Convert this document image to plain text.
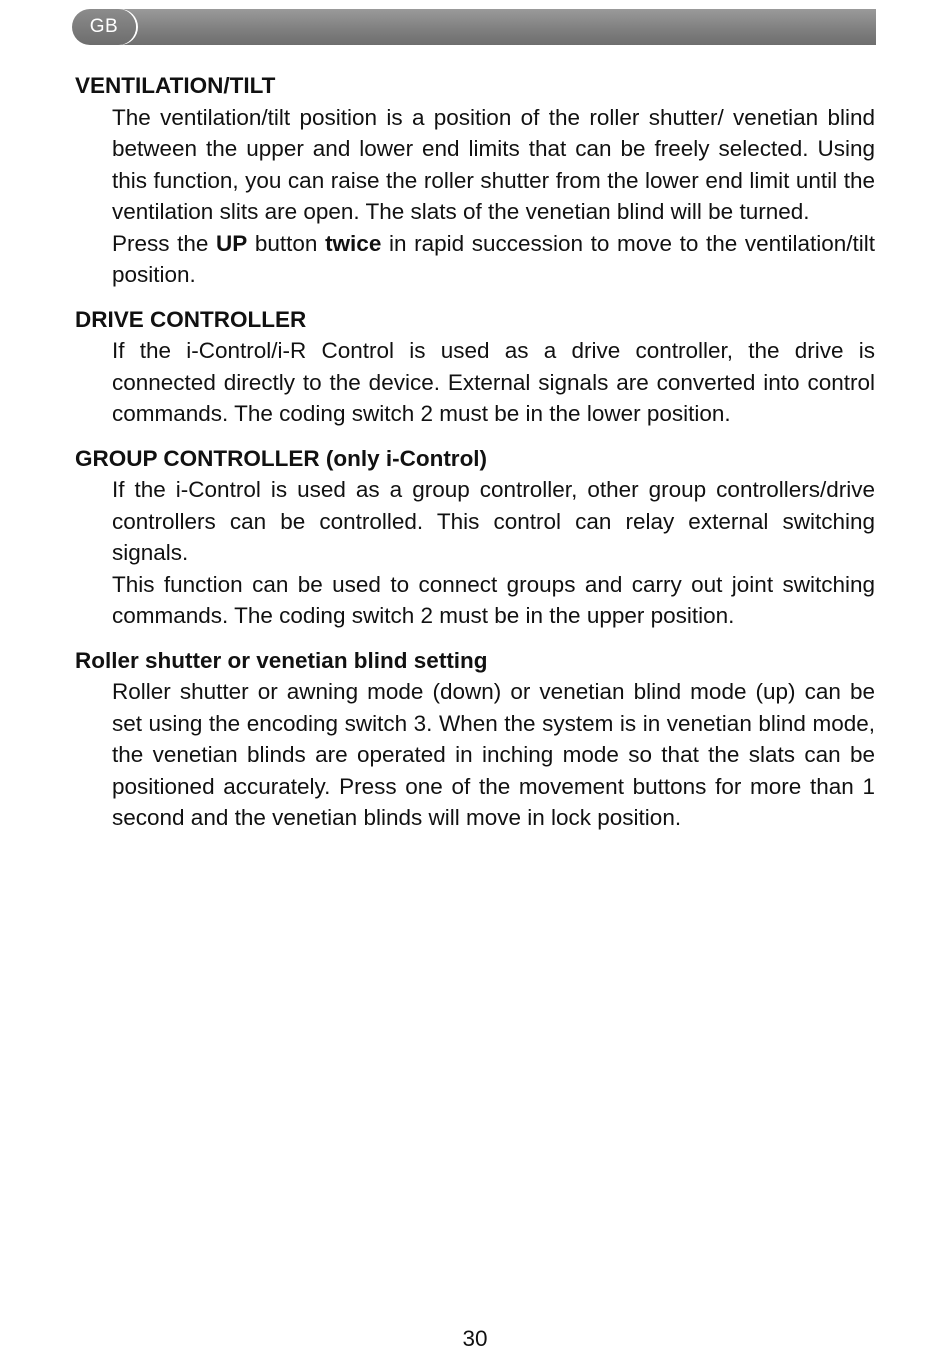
GB

VENTILATION/TILT

The ventilation/tilt position is a position of the roller shutter/ venetian blind between the upper and lower end limits that can be freely selected. Using this function, you can raise the roller shutter from the lower end limit until the ventilation slits are open. The slats of the venetian blind will be turned.

Press the UP button twice in rapid succession to move to the ventilation/tilt position.

DRIVE CONTROLLER

If the i-Control/i-R Control is used as a drive controller, the drive is connected directly to the device. External signals are converted into control commands. The coding switch 2 must be in the lower position.

GROUP CONTROLLER (only i-Control)

If the i-Control is used as a group controller, other group controllers/drive controllers can be controlled. This control can relay external switching signals.

This function can be used to connect groups and carry out joint switching commands. The coding switch 2 must be in the upper position.

Roller shutter or venetian blind setting

Roller shutter or awning mode (down) or venetian blind mode (up) can be set using the encoding switch 3. When the system is in venetian blind mode, the venetian blinds are operated in inching mode so that the slats can be positioned accurately. Press one of the movement buttons for more than 1 second and the venetian blinds will move in lock position.

30
